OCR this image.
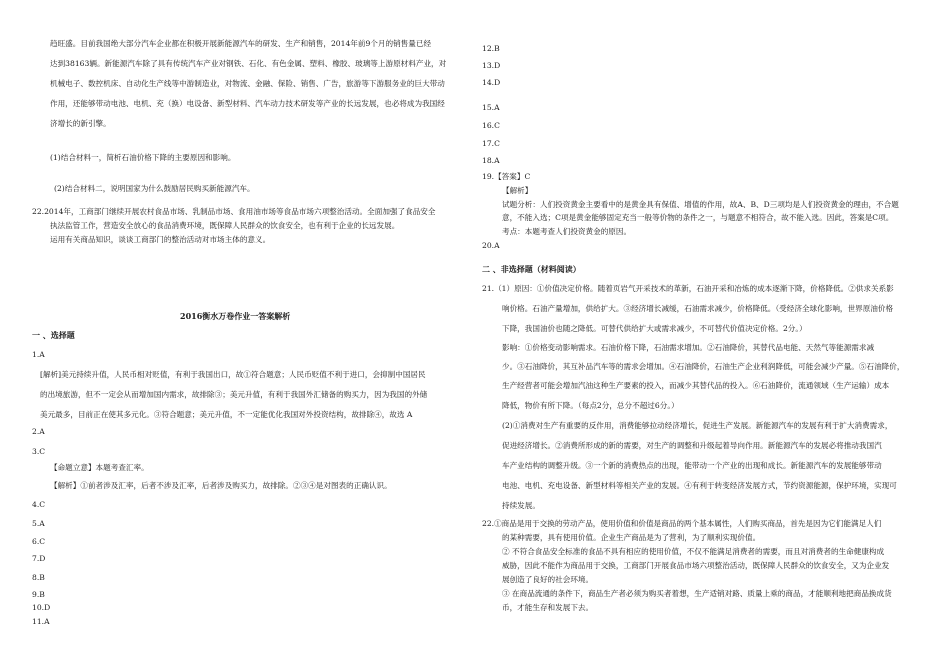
趋旺盛。目前我国绝大部分汽车企业都在积极开展新能源汽车的研发、生产和销售，2014年前9个月的销售量已经
达到38163辆。新能源汽车除了具有传统汽车产业对钢铁、石化、有色金属、塑料、橡胶、玻璃等上游原材料产业，对
机械电子、数控机床、自动化生产线等中游制造业，对物流、金融、保险、销售、广告，旅游等下游服务业的巨大带动
作用，还能够带动电池、电机、充（换）电设备、新型材料、汽车动力技术研发等产业的长远发展，也必将成为我国经
济增长的新引擎。
(1)结合材料一，简析石油价格下降的主要原因和影响。
(2)结合材料二，说明国家为什么鼓励居民购买新能源汽车。
22.2014年，工商部门继续开展农村食品市场、乳制品市场、食用油市场等食品市场六项整治活动。全面加强了食品安全
执法监管工作，营造安全放心的食品消费环境，既保障人民群众的饮食安全，也有利于企业的长远发展。
运用有关商品知识，谈谈工商部门的整治活动对市场主体的意义。
2016衡水万卷作业一答案解析
一 、选择题
1.A
[解析]美元持续升值，人民币相对贬值，有利于我国出口，故①符合题意；人民币贬值不利于进口，会抑制中国居民
的出境旅游，但不一定会从而增加国内需求，故排除③；美元升值，有利于我国外汇储备的购买力，因为我国的外储
美元最多，目前正在使其多元化。③符合题意；美元升值，不一定能优化我国对外投资结构，故排除④，故选 A
2.A
3.C
【命题立意】本题考查汇率。
【解析】①前者涉及汇率，后者不涉及汇率，后者涉及购买力，故排除。②③④是对图表的正确认识。
4.C
5.A
6.C
7.D
8.B
9.B
10.D
11.A
12.B
13.D
14.D
15.A
16.C
17.C
18.A
19.【答案】C
【解析】
试题分析：人们投资黄金主要看中的是黄金具有保值、增值的作用，故A、B、D三项均是人们投资黄金的理由，不合题
意，不能入选；C项是黄金能够固定充当一般等价物的条件之一，与题意不相符合，故不能入选。因此，答案是C项。
考点：本题考查人们投资黄金的原因。
20.A
二 、非选择题（材料阅读）
21.（1）原因：①价值决定价格。随着页岩气开采技术的革新，石油开采和冶炼的成本逐渐下降，价格降低。②供求关系影
响价格。石油产量增加，供给扩大。③经济增长减缓，石油需求减少，价格降低。（受经济全球化影响，世界原油价格
下降，我国油价也随之降低。可替代供给扩大或需求减少，不可替代价值决定价格。2分。）
影响：①价格变动影响需求。石油价格下降，石油需求增加。②石油降价，其替代品电能、天然气等能源需求减
少。③石油降价，其互补品汽车等的需求会增加。④石油降价，石油生产企业利润降低，可能会减少产量。⑤石油降价，
生产经营者可能会增加汽油这种生产要素的投入，而减少其替代品的投入。⑥石油降价，流通领域（生产运输）成本
降低，物价有所下降。（每点2分，总分不超过6分。）
(2)①消费对生产有重要的反作用，消费能够拉动经济增长，促进生产发展。新能源汽车的发展有利于扩大消费需求，
促进经济增长。②消费所形成的新的需要，对生产的调整和升级起着导向作用。新能源汽车的发展必将推动我国汽
车产业结构的调整升级。③一个新的消费热点的出现，能带动一个产业的出现和成长。新能源汽车的发展能够带动
电池、电机、充电设备、新型材料等相关产业的发展。④有利于转变经济发展方式，节约资源能源，保护环境，实现可
持续发展。
22.①商品是用于交换的劳动产品，使用价值和价值是商品的两个基本属性，人们购买商品，首先是因为它们能满足人们
的某种需要，具有使用价值。企业生产商品是为了营利，为了顺利实现价值。
② 不符合食品安全标准的食品不具有相应的使用价值，不仅不能满足消费者的需要，而且对消费者的生命健康构成
威胁，因此不能作为商品用于交换，工商部门开展食品市场六项整治活动，既保障人民群众的饮食安全，又为企业发
展创造了良好的社会环境。
③ 在商品流通的条件下，商品生产者必须为购买者着想，生产适销对路、质量上乘的商品，才能顺利地把商品换成货
币，才能生存和发展下去。
